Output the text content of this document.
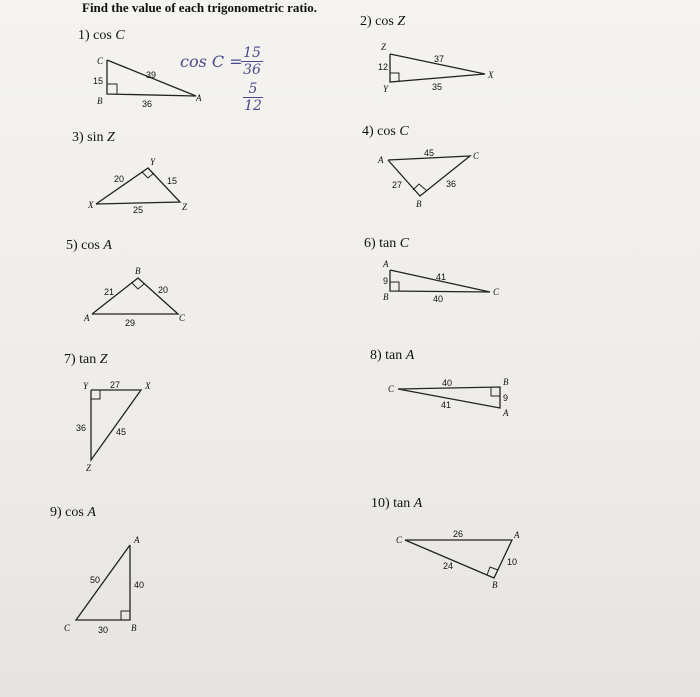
Find the value of each trigonometric ratio.
1) cos C
C
B	A
15
39
36
cos C = 15
36
5
12
2) cos Z
Z
Y
X
12
37
35
3) sin Z
Y
X	Z
20	15
25
4) cos C
A	C
B
45
27	36
5) cos A
B
A	C
21	20
29
6) tan C
A
B	C
9	41
40
7) tan Z
Y	X
Z
27
36	45
8) tan A
C
B
A
40
9
41
9) cos A
A
C	B
50	40
30
10) tan A
C	A
B
26
10
24
